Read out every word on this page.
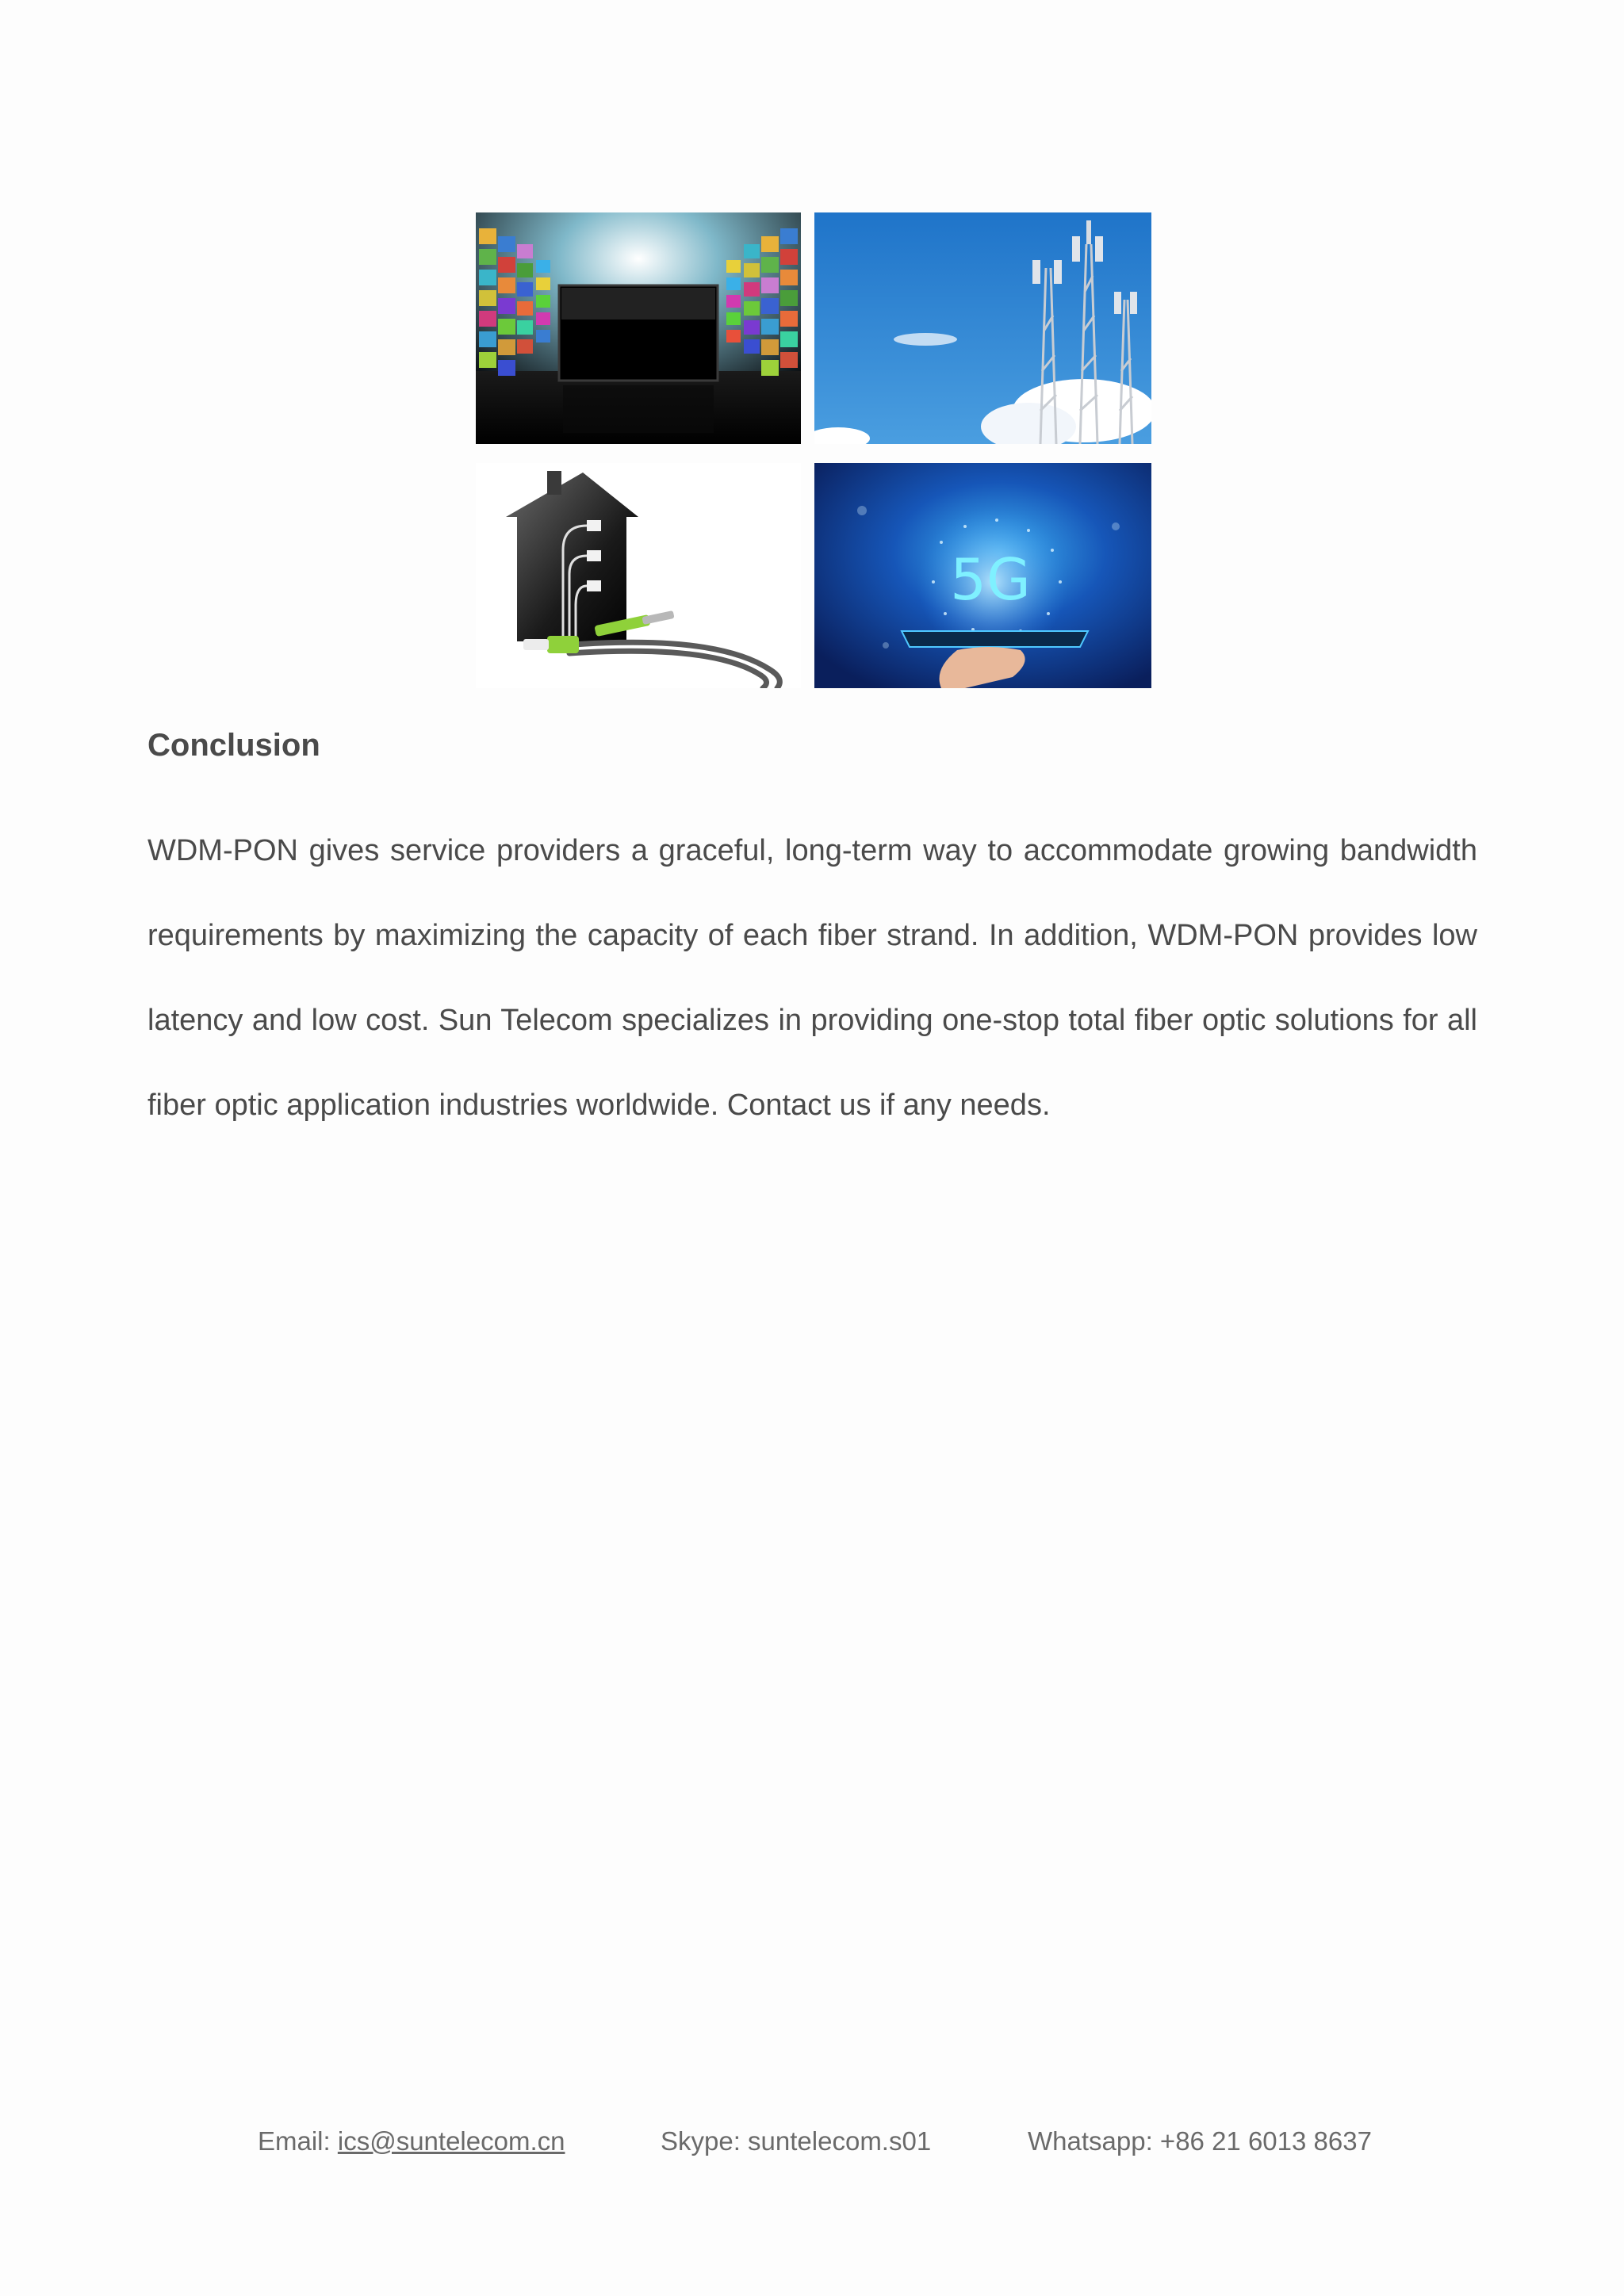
5G
Conclusion

WDM-PON gives service providers a graceful, long-term way to accommodate growing bandwidth requirements by maximizing the capacity of each fiber strand. In addition, WDM-PON provides low latency and low cost. Sun Telecom specializes in providing one-stop total fiber optic solutions for all fiber optic application industries worldwide. Contact us if any needs.

Email: ics@suntelecom.cn	Skype: suntelecom.s01	Whatsapp: +86 21 6013 8637
